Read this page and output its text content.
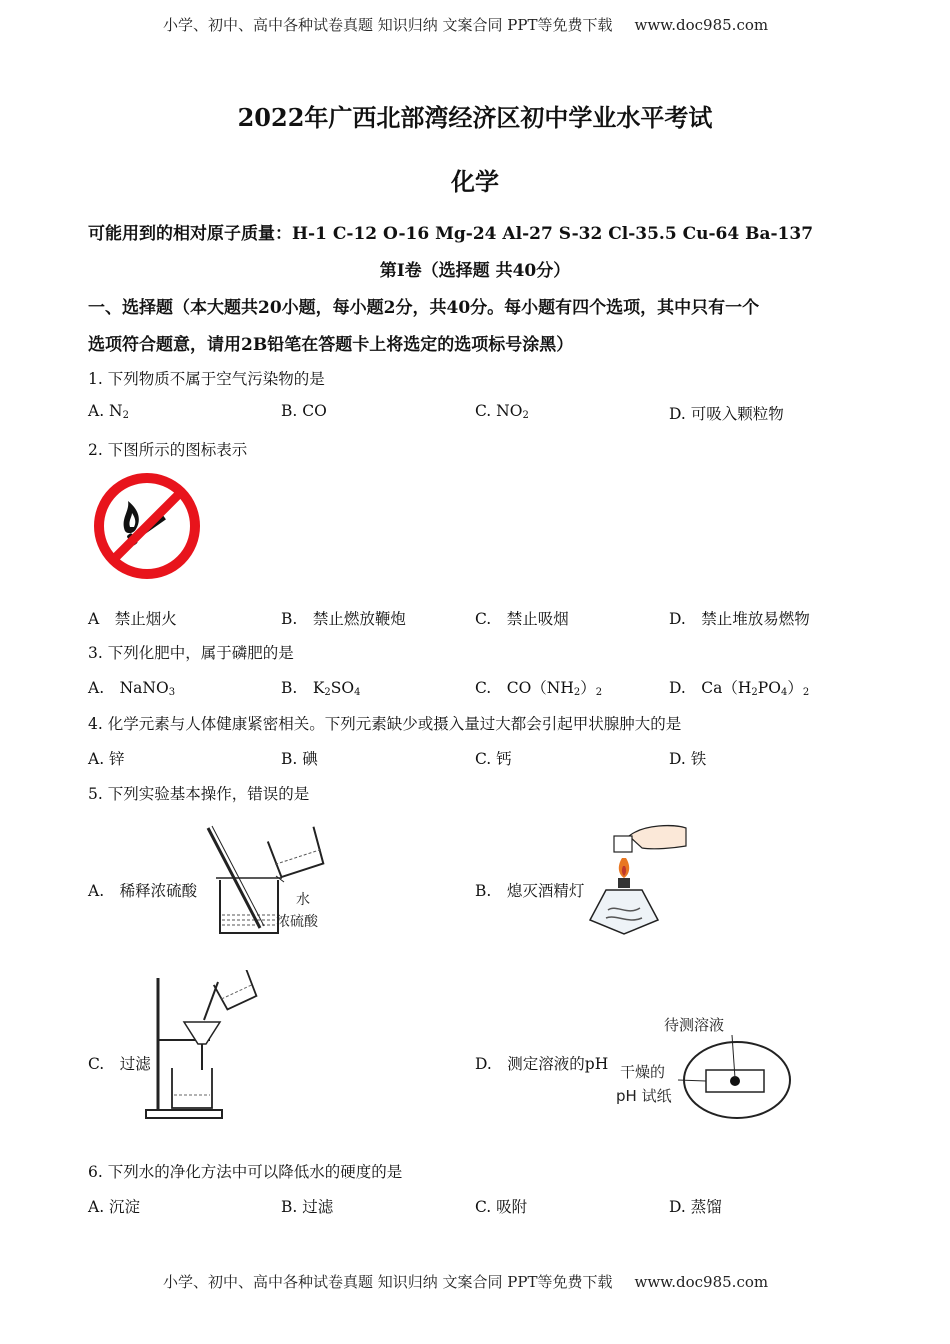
小学、初中、高中各种试卷真题 知识归纳 文案合同 PPT等免费下载 www.doc985.com
2022年广西北部湾经济区初中学业水平考试
化学
可能用到的相对原子质量：H-1 C-12 O-16 Mg-24 Al-27 S-32 Cl-35.5 Cu-64 Ba-137
第Ⅰ卷（选择题 共40分）
一、选择题（本大题共20小题，每小题2分，共40分。每小题有四个选项，其中只有一个
选项符合题意，请用2B铅笔在答题卡上将选定的选项标号涂黑）
1. 下列物质不属于空气污染物的是
A. $N_2$	B. CO	C. $NO_2$	D. 可吸入颗粒物
2. 下图所示的图标表示
A　禁止烟火	B.　禁止燃放鞭炮	C.　禁止吸烟	D.　禁止堆放易燃物
3. 下列化肥中，属于磷肥的是
A.　NaNO$_3$	B.　$K_2SO_4$	C.　$CO(NH_2)_2$	D.　$Ca(H_2PO_4)_2$
4. 化学元素与人体健康紧密相关。下列元素缺少或摄入量过大都会引起甲状腺肿大的是
A. 锌	B. 碘	C. 钙	D. 铁
5. 下列实验基本操作，错误的是
水
浓硫酸
A.　稀释浓硫酸	B.　熄灭酒精灯
C.　过滤
待测溶液
干燥的
pH 试纸
D.　测定溶液的pH
6. 下列水的净化方法中可以降低水的硬度的是
A. 沉淀	B. 过滤	C. 吸附	D. 蒸馏
小学、初中、高中各种试卷真题 知识归纳 文案合同 PPT等免费下载 www.doc985.com
